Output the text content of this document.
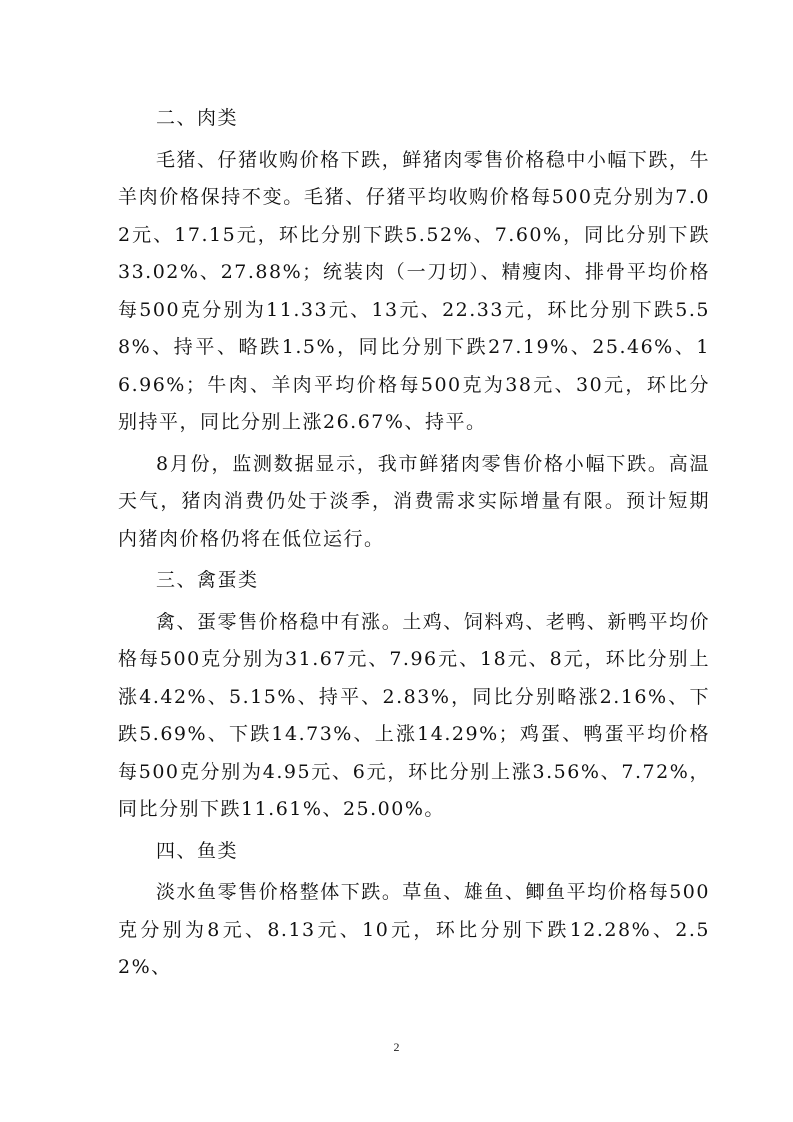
二、肉类

毛猪、仔猪收购价格下跌，鲜猪肉零售价格稳中小幅下跌，牛羊肉价格保持不变。毛猪、仔猪平均收购价格每500克分别为7.02元、17.15元，环比分别下跌5.52%、7.60%，同比分别下跌33.02%、27.88%；统装肉（一刀切）、精瘦肉、排骨平均价格每500克分别为11.33元、13元、22.33元，环比分别下跌5.58%、持平、略跌1.5%，同比分别下跌27.19%、25.46%、16.96%；牛肉、羊肉平均价格每500克为38元、30元，环比分别持平，同比分别上涨26.67%、持平。

8月份，监测数据显示，我市鲜猪肉零售价格小幅下跌。高温天气，猪肉消费仍处于淡季，消费需求实际增量有限。预计短期内猪肉价格仍将在低位运行。

三、禽蛋类

禽、蛋零售价格稳中有涨。土鸡、饲料鸡、老鸭、新鸭平均价格每500克分别为31.67元、7.96元、18元、8元，环比分别上涨4.42%、5.15%、持平、2.83%，同比分别略涨2.16%、下跌5.69%、下跌14.73%、上涨14.29%；鸡蛋、鸭蛋平均价格每500克分别为4.95元、6元，环比分别上涨3.56%、7.72%，同比分别下跌11.61%、25.00%。

四、鱼类

淡水鱼零售价格整体下跌。草鱼、雄鱼、鲫鱼平均价格每500克分别为8元、8.13元、10元，环比分别下跌12.28%、2.52%、

2
